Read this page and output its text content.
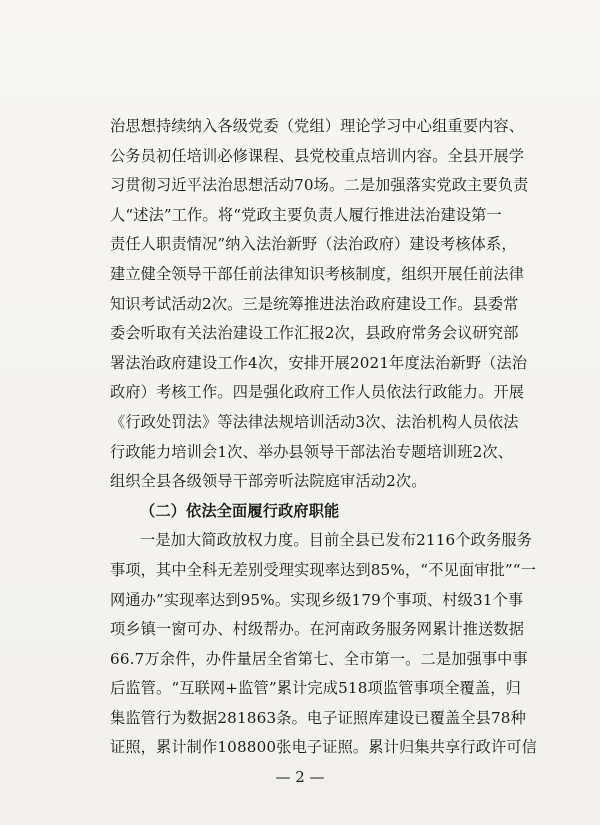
治思想持续纳入各级党委（党组）理论学习中心组重要内容、
公务员初任培训必修课程、县党校重点培训内容。全县开展学
习贯彻习近平法治思想活动70场。二是加强落实党政主要负责
人“述法”工作。将“党政主要负责人履行推进法治建设第一
责任人职责情况”纳入法治新野（法治政府）建设考核体系，
建立健全领导干部任前法律知识考核制度，组织开展任前法律
知识考试活动2次。三是统筹推进法治政府建设工作。县委常
委会听取有关法治建设工作汇报2次，县政府常务会议研究部
署法治政府建设工作4次，安排开展2021年度法治新野（法治
政府）考核工作。四是强化政府工作人员依法行政能力。开展
《行政处罚法》等法律法规培训活动3次、法治机构人员依法
行政能力培训会1次、举办县领导干部法治专题培训班2次、
组织全县各级领导干部旁听法院庭审活动2次。
（二）依法全面履行政府职能
一是加大简政放权力度。目前全县已发布2116个政务服务
事项，其中全科无差别受理实现率达到85%，“不见面审批”“一
网通办”实现率达到95%。实现乡级179个事项、村级31个事
项乡镇一窗可办、村级帮办。在河南政务服务网累计推送数据
66.7万余件，办件量居全省第七、全市第一。二是加强事中事
后监管。“互联网+监管”累计完成518项监管事项全覆盖，归
集监管行为数据281863条。电子证照库建设已覆盖全县78种
证照，累计制作108800张电子证照。累计归集共享行政许可信
— 2 —
